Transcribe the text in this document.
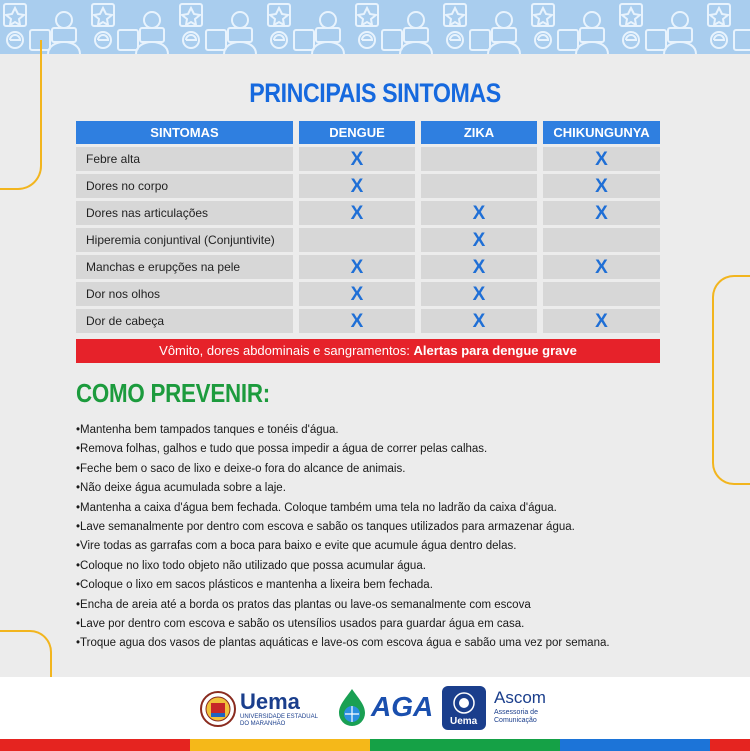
PRINCIPAIS SINTOMAS
SINTOMAS	DENGUE	ZIKA	CHIKUNGUNYA
Febre alta	X		X
Dores no corpo	X		X
Dores nas articulações	X	X	X
Hiperemia conjuntival (Conjuntivite)		X	
Manchas e erupções na pele	X	X	X
Dor nos olhos	X	X	
Dor de cabeça	X	X	X
Vômito, dores abdominais e sangramentos: Alertas para dengue grave
COMO PREVENIR:
• Mantenha bem tampados tanques e tonéis d'água.
• Remova folhas, galhos e tudo que possa impedir a água de correr pelas calhas.
• Feche bem o saco de lixo e deixe-o fora do alcance de animais.
• Não deixe água acumulada sobre a laje.
• Mantenha a caixa d'água bem fechada. Coloque também uma tela no ladrão da caixa d'água.
• Lave semanalmente por dentro com escova e sabão os tanques utilizados para armazenar água.
• Vire todas as garrafas com a boca para baixo e evite que acumule água dentro delas.
• Coloque no lixo todo objeto não utilizado que possa acumular água.
• Coloque o lixo em sacos plásticos e mantenha a lixeira bem fechada.
• Encha de areia até a borda os pratos das plantas ou lave-os semanalmente com escova
• Lave por dentro com escova e sabão os utensílios usados para guardar água em casa.
• Troque agua dos vasos de plantas aquáticas e lave-os com escova água e sabão uma vez por semana.
Uema
UNIVERSIDADE ESTADUAL
DO MARANHÃO
AGA Uema
Ascom
Assessoria de
Comunicação
